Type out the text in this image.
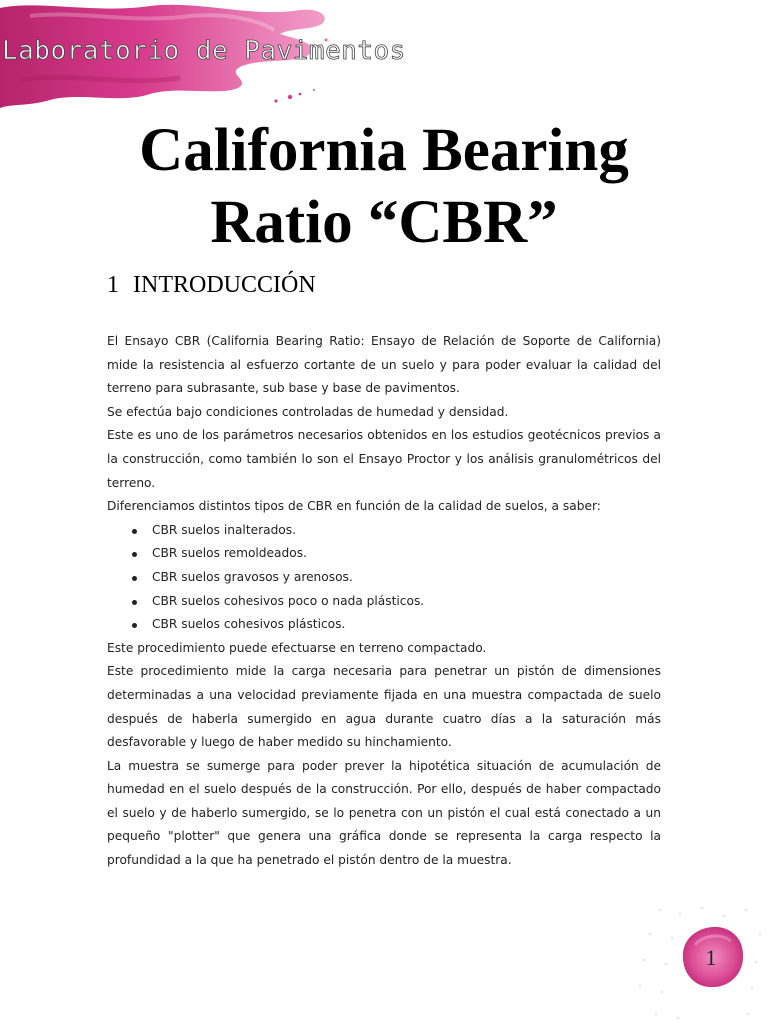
Laboratorio de Pavimentos
California Bearing
Ratio “CBR”
1 INTRODUCCIÓN

El Ensayo CBR (California Bearing Ratio: Ensayo de Relación de Soporte de California) mide la resistencia al esfuerzo cortante de un suelo y para poder evaluar la calidad del terreno para subrasante, sub base y base de pavimentos.

Se efectúa bajo condiciones controladas de humedad y densidad.

Este es uno de los parámetros necesarios obtenidos en los estudios geotécnicos previos a la construcción, como también lo son el Ensayo Proctor y los análisis granulométricos del terreno.

Diferenciamos distintos tipos de CBR en función de la calidad de suelos, a saber:

CBR suelos inalterados.
CBR suelos remoldeados.
CBR suelos gravosos y arenosos.
CBR suelos cohesivos poco o nada plásticos.
CBR suelos cohesivos plásticos.

Este procedimiento puede efectuarse en terreno compactado.

Este procedimiento mide la carga necesaria para penetrar un pistón de dimensiones determinadas a una velocidad previamente fijada en una muestra compactada de suelo después de haberla sumergido en agua durante cuatro días a la saturación más desfavorable y luego de haber medido su hinchamiento.

La muestra se sumerge para poder prever la hipotética situación de acumulación de humedad en el suelo después de la construcción. Por ello, después de haber compactado el suelo y de haberlo sumergido, se lo penetra con un pistón el cual está conectado a un pequeño "plotter" que genera una gráfica donde se representa la carga respecto la profundidad a la que ha penetrado el pistón dentro de la muestra.

1
